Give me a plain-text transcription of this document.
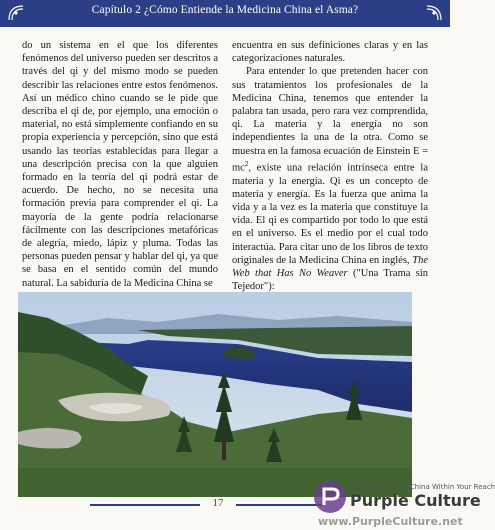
Capítulo 2 ¿Cómo Entiende la Medicina China el Asma?

do un sistema en el que los diferentes fenómenos del universo pueden ser descritos a través del qi y del mismo modo se pueden describir las relaciones entre estos fenómenos. Así un médico chino cuando se le pide que describa el qi de, por ejemplo, una emoción o material, no está simplemente confiando en su propia experiencia y percepción, sino que está usando las teorías establecidas para llegar a una descripción precisa con la que alguien formado en la teoría del qi podrá estar de acuerdo. De hecho, no se necesita una formación previa para comprender el qi. La mayoría de la gente podría relacionarse fácilmente con las descripciones metafóricas de alegría, miedo, lápiz y pluma. Todas las personas pueden pensar y hablar del qi, ya que se basa en el sentido común del mundo natural. La sabiduría de la Medicina China se

encuentra en sus definiciones claras y en las categorizaciones naturales.

Para entender lo que pretenden hacer con sus tratamientos los profesionales de la Medicina China, tenemos que entender la palabra tan usada, pero rara vez comprendida, qi. La materia y la energía no son independientes la una de la otra. Como se muestra en la famosa ecuación de Einstein $E = mc^2$, existe una relación intrínseca entre la materia y la energía. Qi es un concepto de materia y energía. Es la fuerza que anima la vida y a la vez es la materia que constituye la vida. El qi es compartido por todo lo que está en el universo. Es el medio por el cual todo interactúa. Para citar uno de los libros de texto originales de la Medicina China en inglés, The Web that Has No Weaver ("Una Trama sin Tejedor"):

17
紫图文化 Bringing China Within Your Reach
Purple Culture
www.PurpleCulture.net
